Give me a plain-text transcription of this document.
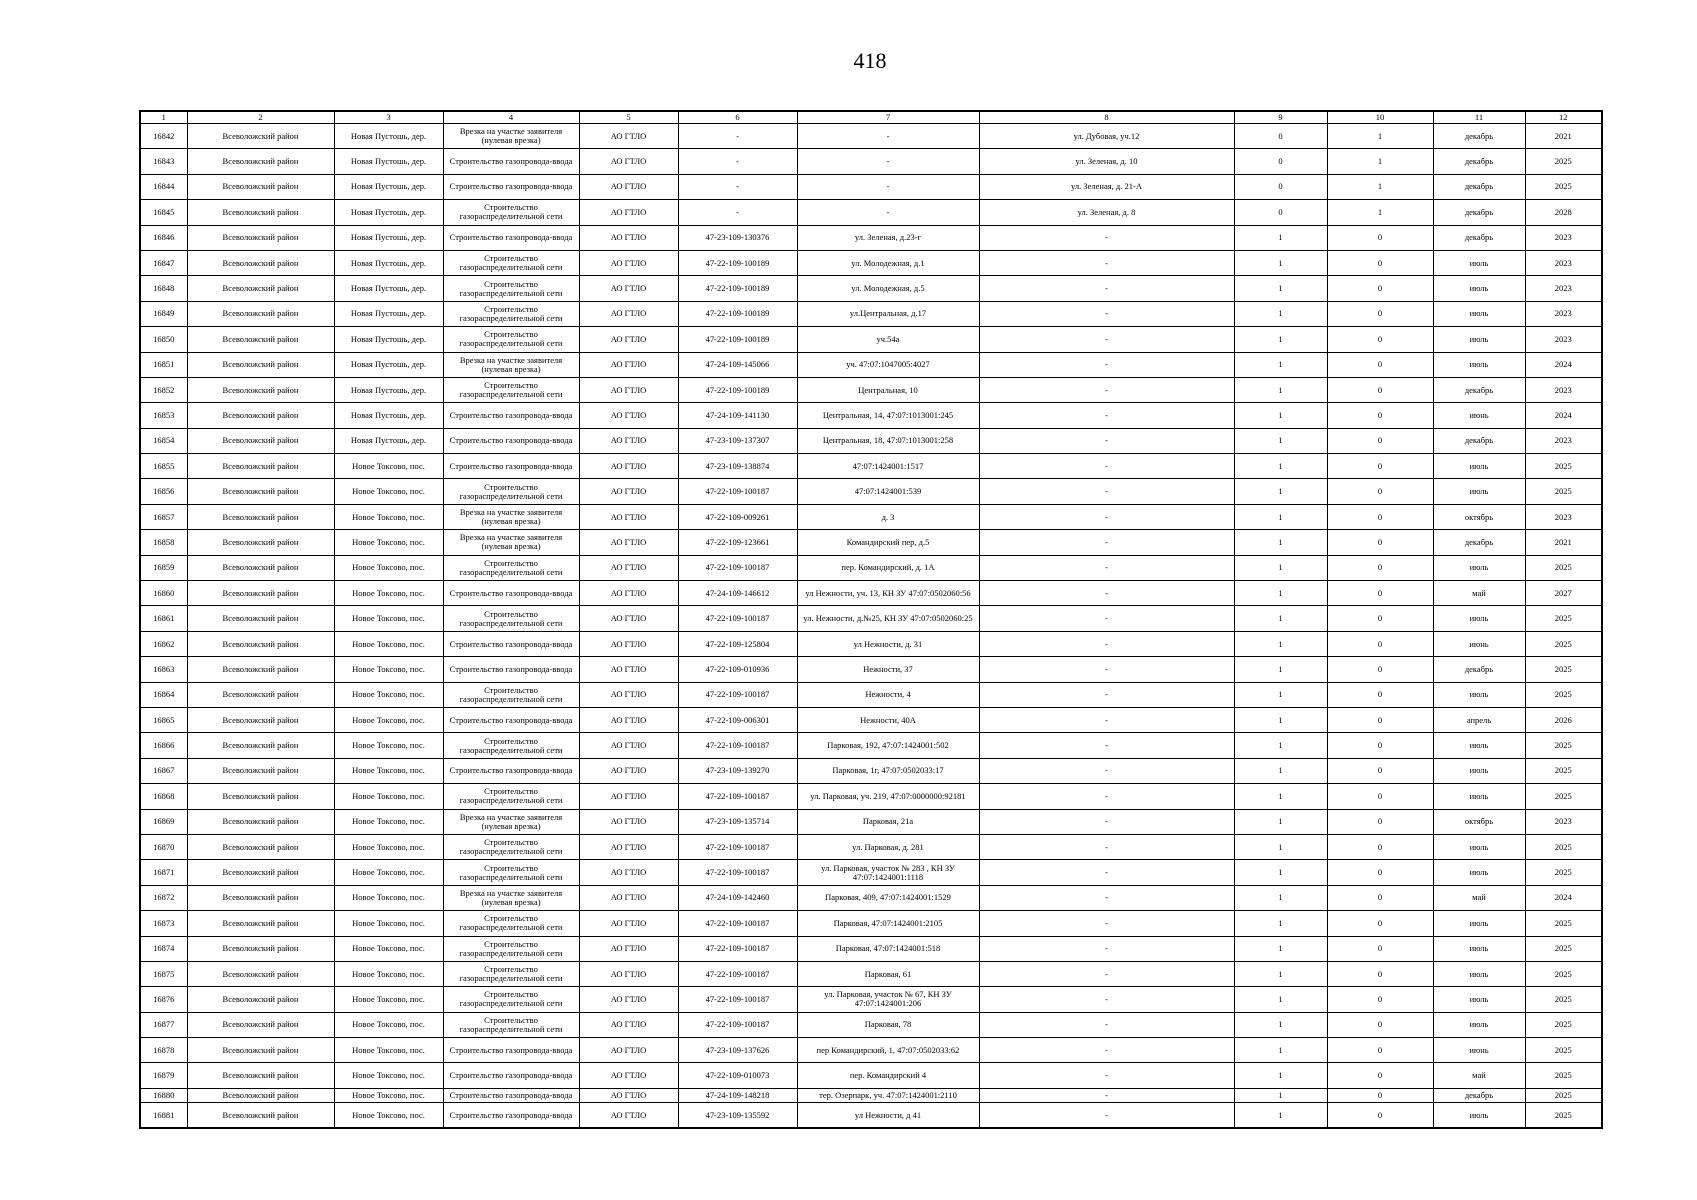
418
1	2	3	4	5	6	7	8	9	10	11	12
16842	Всеволожский район	Новая Пустошь, дер.	Врезка на участке заявителя (нулевая врезка)	АО ГТЛО	-	-	ул. Дубовая, уч.12	0	1	декабрь	2021
16843	Всеволожский район	Новая Пустошь, дер.	Строительство газопровода-ввода	АО ГТЛО	-	-	ул. Зеленая, д. 10	0	1	декабрь	2025
16844	Всеволожский район	Новая Пустошь, дер.	Строительство газопровода-ввода	АО ГТЛО	-	-	ул. Зеленая, д. 21-А	0	1	декабрь	2025
16845	Всеволожский район	Новая Пустошь, дер.	Строительство газораспределительной сети	АО ГТЛО	-	-	ул. Зеленая, д. 8	0	1	декабрь	2028
16846	Всеволожский район	Новая Пустошь, дер.	Строительство газопровода-ввода	АО ГТЛО	47-23-109-130376	ул. Зеленая, д.23-г	-	1	0	декабрь	2023
16847	Всеволожский район	Новая Пустошь, дер.	Строительство газораспределительной сети	АО ГТЛО	47-22-109-100189	ул. Молодежная, д.1	-	1	0	июль	2023
16848	Всеволожский район	Новая Пустошь, дер.	Строительство газораспределительной сети	АО ГТЛО	47-22-109-100189	ул. Молодежная, д.5	-	1	0	июль	2023
16849	Всеволожский район	Новая Пустошь, дер.	Строительство газораспределительной сети	АО ГТЛО	47-22-109-100189	ул.Центральная, д.17	-	1	0	июль	2023
16850	Всеволожский район	Новая Пустошь, дер.	Строительство газораспределительной сети	АО ГТЛО	47-22-109-100189	уч.54а	-	1	0	июль	2023
16851	Всеволожский район	Новая Пустошь, дер.	Врезка на участке заявителя (нулевая врезка)	АО ГТЛО	47-24-109-145066	уч. 47:07:1047005:4027	-	1	0	июль	2024
16852	Всеволожский район	Новая Пустошь, дер.	Строительство газораспределительной сети	АО ГТЛО	47-22-109-100189	Центральная, 10	-	1	0	декабрь	2023
16853	Всеволожский район	Новая Пустошь, дер.	Строительство газопровода-ввода	АО ГТЛО	47-24-109-141130	Центральная, 14, 47:07:1013001:245	-	1	0	июнь	2024
16854	Всеволожский район	Новая Пустошь, дер.	Строительство газопровода-ввода	АО ГТЛО	47-23-109-137307	Центральная, 18, 47:07:1013001:258	-	1	0	декабрь	2023
16855	Всеволожский район	Новое Токсово, пос.	Строительство газопровода-ввода	АО ГТЛО	47-23-109-138874	47:07:1424001:1517	-	1	0	июль	2025
16856	Всеволожский район	Новое Токсово, пос.	Строительство газораспределительной сети	АО ГТЛО	47-22-109-100187	47:07:1424001:539	-	1	0	июль	2025
16857	Всеволожский район	Новое Токсово, пос.	Врезка на участке заявителя (нулевая врезка)	АО ГТЛО	47-22-109-009261	д. 3	-	1	0	октябрь	2023
16858	Всеволожский район	Новое Токсово, пос.	Врезка на участке заявителя (нулевая врезка)	АО ГТЛО	47-22-109-123661	Командирский пер, д.5	-	1	0	декабрь	2021
16859	Всеволожский район	Новое Токсово, пос.	Строительство газораспределительной сети	АО ГТЛО	47-22-109-100187	пер. Командирский, д. 1А	-	1	0	июль	2025
16860	Всеволожский район	Новое Токсово, пос.	Строительство газопровода-ввода	АО ГТЛО	47-24-109-146612	ул Нежности, уч. 13, КН ЗУ 47:07:0502060:56	-	1	0	май	2027
16861	Всеволожский район	Новое Токсово, пос.	Строительство газораспределительной сети	АО ГТЛО	47-22-109-100187	ул. Нежности, д.№25, КН ЗУ 47:07:0502060:25	-	1	0	июль	2025
16862	Всеволожский район	Новое Токсово, пос.	Строительство газопровода-ввода	АО ГТЛО	47-22-109-125804	ул Нежности, д. 31	-	1	0	июнь	2025
16863	Всеволожский район	Новое Токсово, пос.	Строительство газопровода-ввода	АО ГТЛО	47-22-109-010936	Нежности, 37	-	1	0	декабрь	2025
16864	Всеволожский район	Новое Токсово, пос.	Строительство газораспределительной сети	АО ГТЛО	47-22-109-100187	Нежности, 4	-	1	0	июль	2025
16865	Всеволожский район	Новое Токсово, пос.	Строительство газопровода-ввода	АО ГТЛО	47-22-109-006301	Нежности, 40А	-	1	0	апрель	2026
16866	Всеволожский район	Новое Токсово, пос.	Строительство газораспределительной сети	АО ГТЛО	47-22-109-100187	Парковая, 192, 47:07:1424001:502	-	1	0	июль	2025
16867	Всеволожский район	Новое Токсово, пос.	Строительство газопровода-ввода	АО ГТЛО	47-23-109-139270	Парковая, 1г, 47:07:0502033:17	-	1	0	июль	2025
16868	Всеволожский район	Новое Токсово, пос.	Строительство газораспределительной сети	АО ГТЛО	47-22-109-100187	ул. Парковая, уч. 219, 47:07:0000000:92181	-	1	0	июль	2025
16869	Всеволожский район	Новое Токсово, пос.	Врезка на участке заявителя (нулевая врезка)	АО ГТЛО	47-23-109-135714	Парковая, 21а	-	1	0	октябрь	2023
16870	Всеволожский район	Новое Токсово, пос.	Строительство газораспределительной сети	АО ГТЛО	47-22-109-100187	ул. Парковая, д. 281	-	1	0	июль	2025
16871	Всеволожский район	Новое Токсово, пос.	Строительство газораспределительной сети	АО ГТЛО	47-22-109-100187	ул. Парковая, участок № 283 , КН ЗУ 47:07:1424001:1118	-	1	0	июль	2025
16872	Всеволожский район	Новое Токсово, пос.	Врезка на участке заявителя (нулевая врезка)	АО ГТЛО	47-24-109-142460	Парковая, 409, 47:07:1424001:1529	-	1	0	май	2024
16873	Всеволожский район	Новое Токсово, пос.	Строительство газораспределительной сети	АО ГТЛО	47-22-109-100187	Парковая, 47:07:1424001:2105	-	1	0	июль	2025
16874	Всеволожский район	Новое Токсово, пос.	Строительство газораспределительной сети	АО ГТЛО	47-22-109-100187	Парковая, 47:07:1424001:518	-	1	0	июль	2025
16875	Всеволожский район	Новое Токсово, пос.	Строительство газораспределительной сети	АО ГТЛО	47-22-109-100187	Парковая, 61	-	1	0	июль	2025
16876	Всеволожский район	Новое Токсово, пос.	Строительство газораспределительной сети	АО ГТЛО	47-22-109-100187	ул. Парковая, участок № 67, КН ЗУ 47:07:1424001:206	-	1	0	июль	2025
16877	Всеволожский район	Новое Токсово, пос.	Строительство газораспределительной сети	АО ГТЛО	47-22-109-100187	Парковая, 78	-	1	0	июль	2025
16878	Всеволожский район	Новое Токсово, пос.	Строительство газопровода-ввода	АО ГТЛО	47-23-109-137626	пер Командирский, 1, 47:07:0502033:62	-	1	0	июнь	2025
16879	Всеволожский район	Новое Токсово, пос.	Строительство газопровода-ввода	АО ГТЛО	47-22-109-010073	пер. Командирский 4	-	1	0	май	2025
16880	Всеволожский район	Новое Токсово, пос.	Строительство газопровода-ввода	АО ГТЛО	47-24-109-148218	тер. Озерпарк, уч. 47:07:1424001:2110	-	1	0	декабрь	2025
16881	Всеволожский район	Новое Токсово, пос.	Строительство газопровода-ввода	АО ГТЛО	47-23-109-135592	ул Нежности, д 41	-	1	0	июль	2025
